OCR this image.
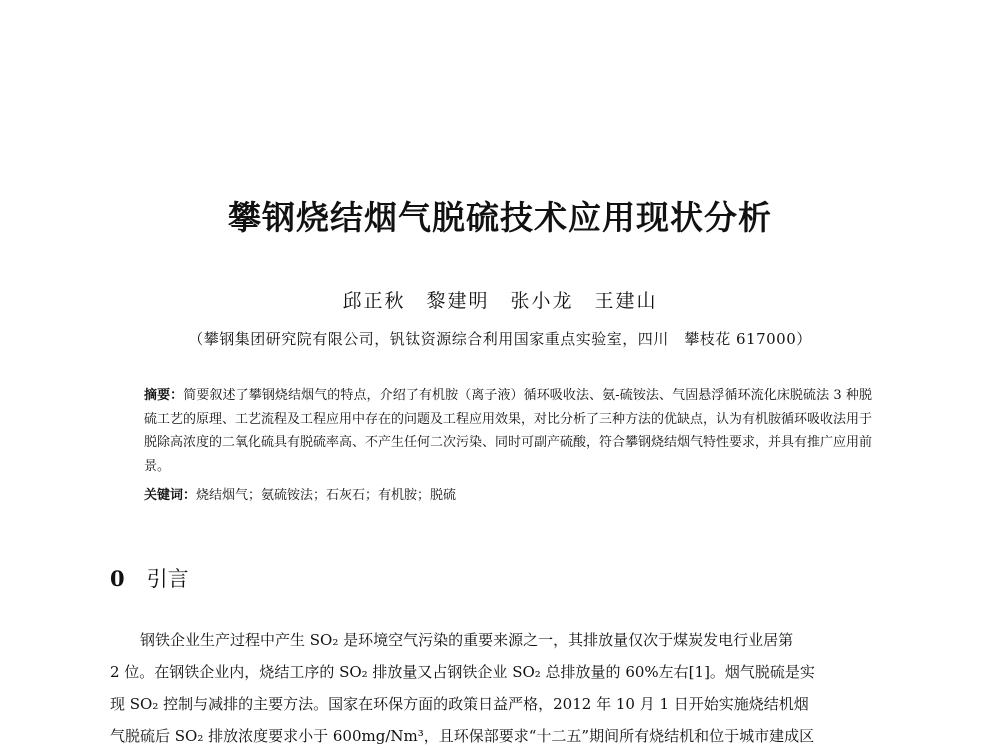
攀钢烧结烟气脱硫技术应用现状分析
邱正秋　黎建明　张小龙　王建山
（攀钢集团研究院有限公司，钒钛资源综合利用国家重点实验室，四川　攀枝花 617000）
摘要：简要叙述了攀钢烧结烟气的特点，介绍了有机胺（离子液）循环吸收法、氨-硫铵法、气固悬浮循环流化床脱硫法 3 种脱硫工艺的原理、工艺流程及工程应用中存在的问题及工程应用效果，对比分析了三种方法的优缺点，认为有机胺循环吸收法用于脱除高浓度的二氧化硫具有脱硫率高、不产生任何二次污染、同时可副产硫酸，符合攀钢烧结烟气特性要求，并具有推广应用前景。
关键词：烧结烟气；氨硫铵法；石灰石；有机胺；脱硫
0 引言
钢铁企业生产过程中产生 SO₂ 是环境空气污染的重要来源之一，其排放量仅次于煤炭发电行业居第
2 位。在钢铁企业内，烧结工序的 SO₂ 排放量又占钢铁企业 SO₂ 总排放量的 60%左右[1]。烟气脱硫是实
现 SO₂ 控制与减排的主要方法。国家在环保方面的政策日益严格，2012 年 10 月 1 日开始实施烧结机烟
气脱硫后 SO₂ 排放浓度要求小于 600mg/Nm³，且环保部要求“十二五”期间所有烧结机和位于城市建成区
